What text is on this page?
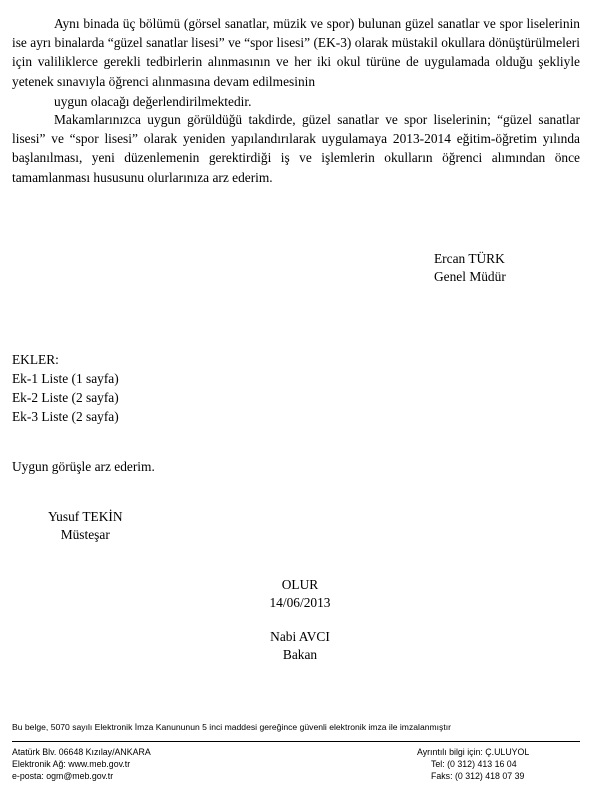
Aynı binada üç bölümü (görsel sanatlar, müzik ve spor) bulunan güzel sanatlar ve spor liselerinin ise ayrı binalarda “güzel sanatlar lisesi” ve “spor lisesi” (EK-3) olarak müstakil okullara dönüştürülmeleri için valiliklerce gerekli tedbirlerin alınmasının ve her iki okul türüne de uygulamada olduğu şekliyle yetenek sınavıyla öğrenci alınmasına devam edilmesinin

uygun olacağı değerlendirilmektedir.

Makamlarınızca uygun görüldüğü takdirde, güzel sanatlar ve spor liselerinin; “güzel sanatlar lisesi” ve “spor lisesi” olarak yeniden yapılandırılarak uygulamaya 2013-2014 eğitim-öğretim yılında başlanılması, yeni düzenlemenin gerektirdiği iş ve işlemlerin okulların öğrenci alımından önce tamamlanması hususunu olurlarınıza arz ederim.

Ercan TÜRK
Genel Müdür
EKLER:
Ek-1 Liste (1 sayfa)
Ek-2 Liste (2 sayfa)
Ek-3 Liste (2 sayfa)
Uygun görüşle arz ederim.
Yusuf TEKİN
Müsteşar
OLUR
14/06/2013
Nabi AVCI
Bakan
Bu belge, 5070 sayılı Elektronik İmza Kanununun 5 inci maddesi gereğince güvenli elektronik imza ile imzalanmıştır
Atatürk Blv. 06648 Kızılay/ANKARA
Elektronik Ağ: www.meb.gov.tr
e-posta: ogm@meb.gov.tr
Ayrıntılı bilgi için: Ç.ULUYOL
Tel: (0 312) 413 16 04
Faks: (0 312) 418 07 39
